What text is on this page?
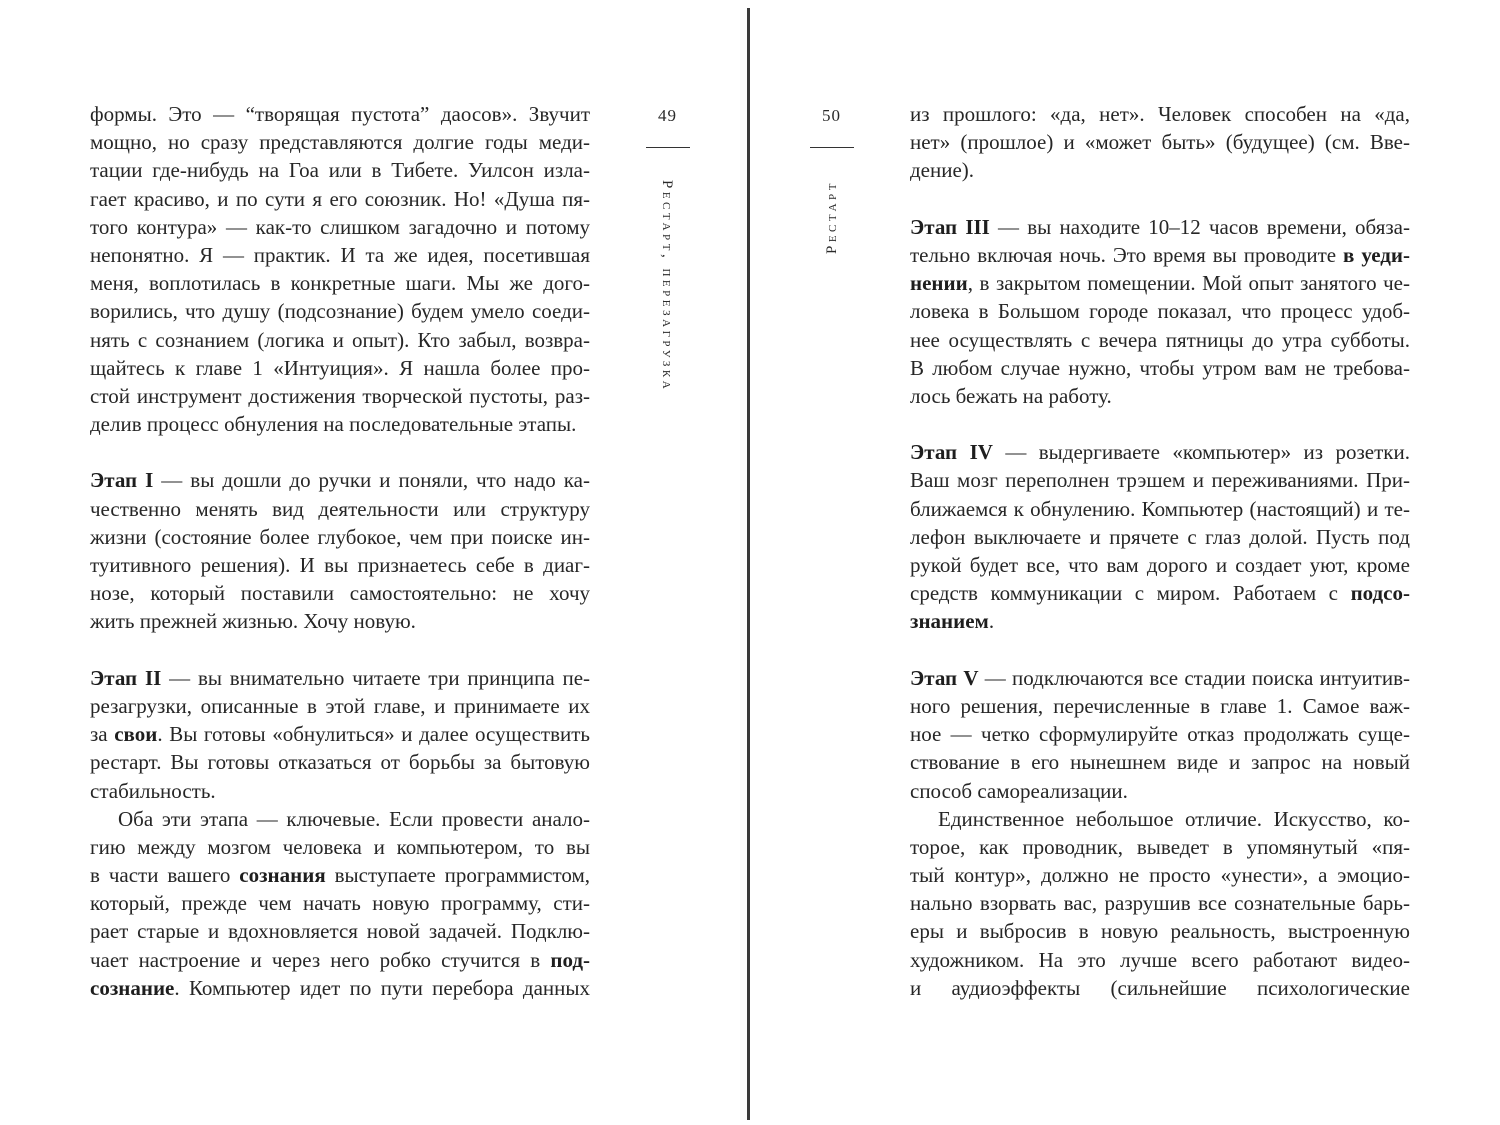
формы. Это — “творящая пустота” даосов». Звучит
мощно, но сразу представляются долгие годы меди-
тации где-нибудь на Гоа или в Тибете. Уилсон изла-
гает красиво, и по сути я его союзник. Но! «Душа пя-
того контура» — как-то слишком загадочно и потому
непонятно. Я — практик. И та же идея, посетившая
меня, воплотилась в конкретные шаги. Мы же дого-
ворились, что душу (подсознание) будем умело соеди-
нять с сознанием (логика и опыт). Кто забыл, возвра-
щайтесь к главе 1 «Интуиция». Я нашла более про-
стой инструмент достижения творческой пустоты, раз-
делив процесс обнуления на последовательные этапы.
Этап I — вы дошли до ручки и поняли, что надо ка-
чественно менять вид деятельности или структуру
жизни (состояние более глубокое, чем при поиске ин-
туитивного решения). И вы признаетесь себе в диаг-
нозе, который поставили самостоятельно: не хочу
жить прежней жизнью. Хочу новую.
Этап II — вы внимательно читаете три принципа пе-
резагрузки, описанные в этой главе, и принимаете их
за свои. Вы готовы «обнулиться» и далее осуществить
рестарт. Вы готовы отказаться от борьбы за бытовую
стабильность.
Оба эти этапа — ключевые. Если провести анало-
гию между мозгом человека и компьютером, то вы
в части вашего сознания выступаете программистом,
который, прежде чем начать новую программу, сти-
рает старые и вдохновляется новой задачей. Подклю-
чает настроение и через него робко стучится в под-
сознание. Компьютер идет по пути перебора данных
49
Рестарт, перезагрузка
50
Рестарт
из прошлого: «да, нет». Человек способен на «да,
нет» (прошлое) и «может быть» (будущее) (см. Вве-
дение).
Этап III — вы находите 10–12 часов времени, обяза-
тельно включая ночь. Это время вы проводите в уеди-
нении, в закрытом помещении. Мой опыт занятого че-
ловека в Большом городе показал, что процесс удоб-
нее осуществлять с вечера пятницы до утра субботы.
В любом случае нужно, чтобы утром вам не требова-
лось бежать на работу.
Этап IV — выдергиваете «компьютер» из розетки.
Ваш мозг переполнен трэшем и переживаниями. При-
ближаемся к обнулению. Компьютер (настоящий) и те-
лефон выключаете и прячете с глаз долой. Пусть под
рукой будет все, что вам дорого и создает уют, кроме
средств коммуникации с миром. Работаем с подсо-
знанием.
Этап V — подключаются все стадии поиска интуитив-
ного решения, перечисленные в главе 1. Самое важ-
ное — четко сформулируйте отказ продолжать суще-
ствование в его нынешнем виде и запрос на новый
способ самореализации.
Единственное небольшое отличие. Искусство, ко-
торое, как проводник, выведет в упомянутый «пя-
тый контур», должно не просто «унести», а эмоцио-
нально взорвать вас, разрушив все сознательные барь-
еры и выбросив в новую реальность, выстроенную
художником. На это лучше всего работают видео-
и аудиоэффекты (сильнейшие психологические
